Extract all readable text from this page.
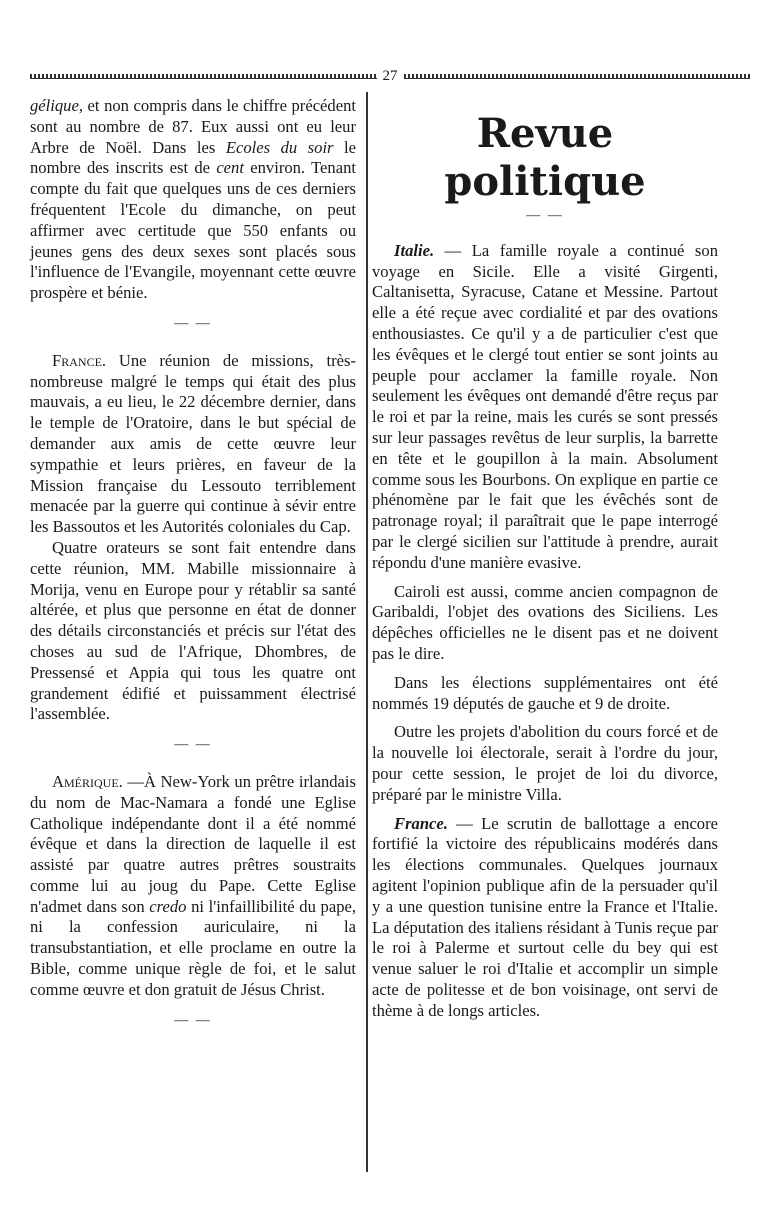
27

gélique, et non compris dans le chiffre précédent sont au nombre de 87. Eux aussi ont eu leur Arbre de Noël. Dans les Ecoles du soir le nombre des inscrits est de cent environ. Tenant compte du fait que quelques uns de ces derniers fréquentent l'Ecole du dimanche, on peut affirmer avec certitude que 550 enfants ou jeunes gens des deux sexes sont placés sous l'influence de l'Evangile, moyennant cette œuvre prospère et bénie.

— —

France. Une réunion de missions, très-nombreuse malgré le temps qui était des plus mauvais, a eu lieu, le 22 décembre dernier, dans le temple de l'Oratoire, dans le but spécial de demander aux amis de cette œuvre leur sympathie et leurs prières, en faveur de la Mission française du Lessouto terriblement menacée par la guerre qui continue à sévir entre les Bassoutos et les Autorités coloniales du Cap.

Quatre orateurs se sont fait entendre dans cette réunion, MM. Mabille missionnaire à Morija, venu en Europe pour y rétablir sa santé altérée, et plus que personne en état de donner des détails circonstanciés et précis sur l'état des choses au sud de l'Afrique, Dhombres, de Pressensé et Appia qui tous les quatre ont grandement édifié et puissamment électrisé l'assemblée.

— —

Amérique. —À New-York un prêtre irlandais du nom de Mac-Namara a fondé une Eglise Catholique indépendante dont il a été nommé évêque et dans la direction de laquelle il est assisté par quatre autres prêtres soustraits comme lui au joug du Pape. Cette Eglise n'admet dans son credo ni l'infaillibilité du pape, ni la confession auriculaire, ni la transubstantiation, et elle proclame en outre la Bible, comme unique règle de foi, et le salut comme œuvre et don gratuit de Jésus Christ.

— —
Revue politique
— —

Italie. — La famille royale a continué son voyage en Sicile. Elle a visité Girgenti, Caltanisetta, Syracuse, Catane et Messine. Partout elle a été reçue avec cordialité et par des ovations enthousiastes. Ce qu'il y a de particulier c'est que les évêques et le clergé tout entier se sont joints au peuple pour acclamer la famille royale. Non seulement les évêques ont demandé d'être reçus par le roi et par la reine, mais les curés se sont pressés sur leur passages revêtus de leur surplis, la barrette en tête et le goupillon à la main. Absolument comme sous les Bourbons. On explique en partie ce phénomène par le fait que les évêchés sont de patronage royal; il paraîtrait que le pape interrogé par le clergé sicilien sur l'attitude à prendre, aurait répondu d'une manière evasive.

Cairoli est aussi, comme ancien compagnon de Garibaldi, l'objet des ovations des Siciliens. Les dépêches officielles ne le disent pas et ne doivent pas le dire.

Dans les élections supplémentaires ont été nommés 19 députés de gauche et 9 de droite.

Outre les projets d'abolition du cours forcé et de la nouvelle loi électorale, serait à l'ordre du jour, pour cette session, le projet de loi du divorce, préparé par le ministre Villa.

France. — Le scrutin de ballottage a encore fortifié la victoire des républicains modérés dans les élections communales. Quelques journaux agitent l'opinion publique afin de la persuader qu'il y a une question tunisine entre la France et l'Italie. La députation des italiens résidant à Tunis reçue par le roi à Palerme et surtout celle du bey qui est venue saluer le roi d'Italie et accomplir un simple acte de politesse et de bon voisinage, ont servi de thème à de longs articles.
